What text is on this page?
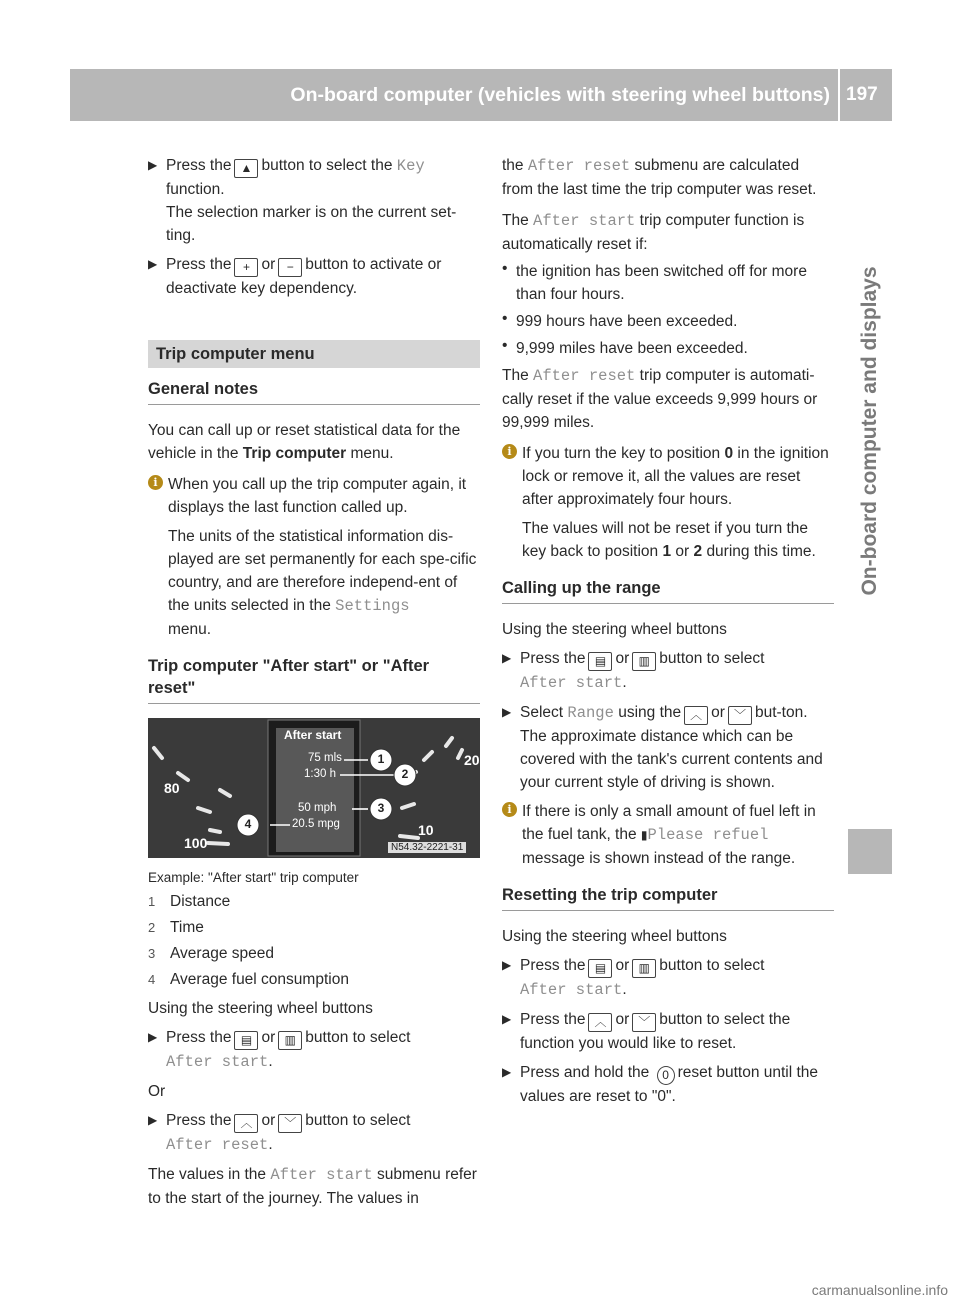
On-board computer (vehicles with steering wheel buttons) 197
On-board computer and displays
▶ Press the ▲ button to select the Key
function.
The selection marker is on the current set-ting.

▶ Press the + or − button to activate or deactivate key dependency.

Trip computer menu
General notes

You can call up or reset statistical data for the vehicle in the Trip computer menu.

i When you call up the trip computer again, it displays the last function called up.

The units of the statistical information dis-played are set permanently for each spe-cific country, and are therefore independ-ent of the units selected in the Settings
menu.

Trip computer "After start" or "After reset"
After start
75 mls
1:30 h
50 mph
20.5 mpg
80
100
10
20
N54.32-2221-31
1
2
3
4
Example: "After start" trip computer

1 Distance

2 Time

3 Average speed

4 Average fuel consumption

Using the steering wheel buttons

▶ Press the ▤ or ▥ button to select
After start.

Or

▶ Press the ︿ or ﹀ button to select
After reset.

The values in the After start submenu refer to the start of the journey. The values in

the After reset submenu are calculated from the last time the trip computer was reset.

The After start trip computer function is automatically reset if:

• the ignition has been switched off for more than four hours.

• 999 hours have been exceeded.

• 9,999 miles have been exceeded.

The After reset trip computer is automati-cally reset if the value exceeds 9,999 hours or 99,999 miles.

i If you turn the key to position 0 in the ignition lock or remove it, all the values are reset after approximately four hours.

The values will not be reset if you turn the key back to position 1 or 2 during this time.

Calling up the range

Using the steering wheel buttons

▶ Press the ▤ or ▥ button to select
After start.

▶ Select Range using the ︿ or ﹀ but-ton.
The approximate distance which can be covered with the tank's current contents and your current style of driving is shown.

i If there is only a small amount of fuel left in the fuel tank, the ▮Please refuel message is shown instead of the range.

Resetting the trip computer

Using the steering wheel buttons

▶ Press the ▤ or ▥ button to select
After start.

▶ Press the ︿ or ﹀ button to select the function you would like to reset.

▶ Press and hold the 0 reset button until the values are reset to "0".

carmanualsonline.info
